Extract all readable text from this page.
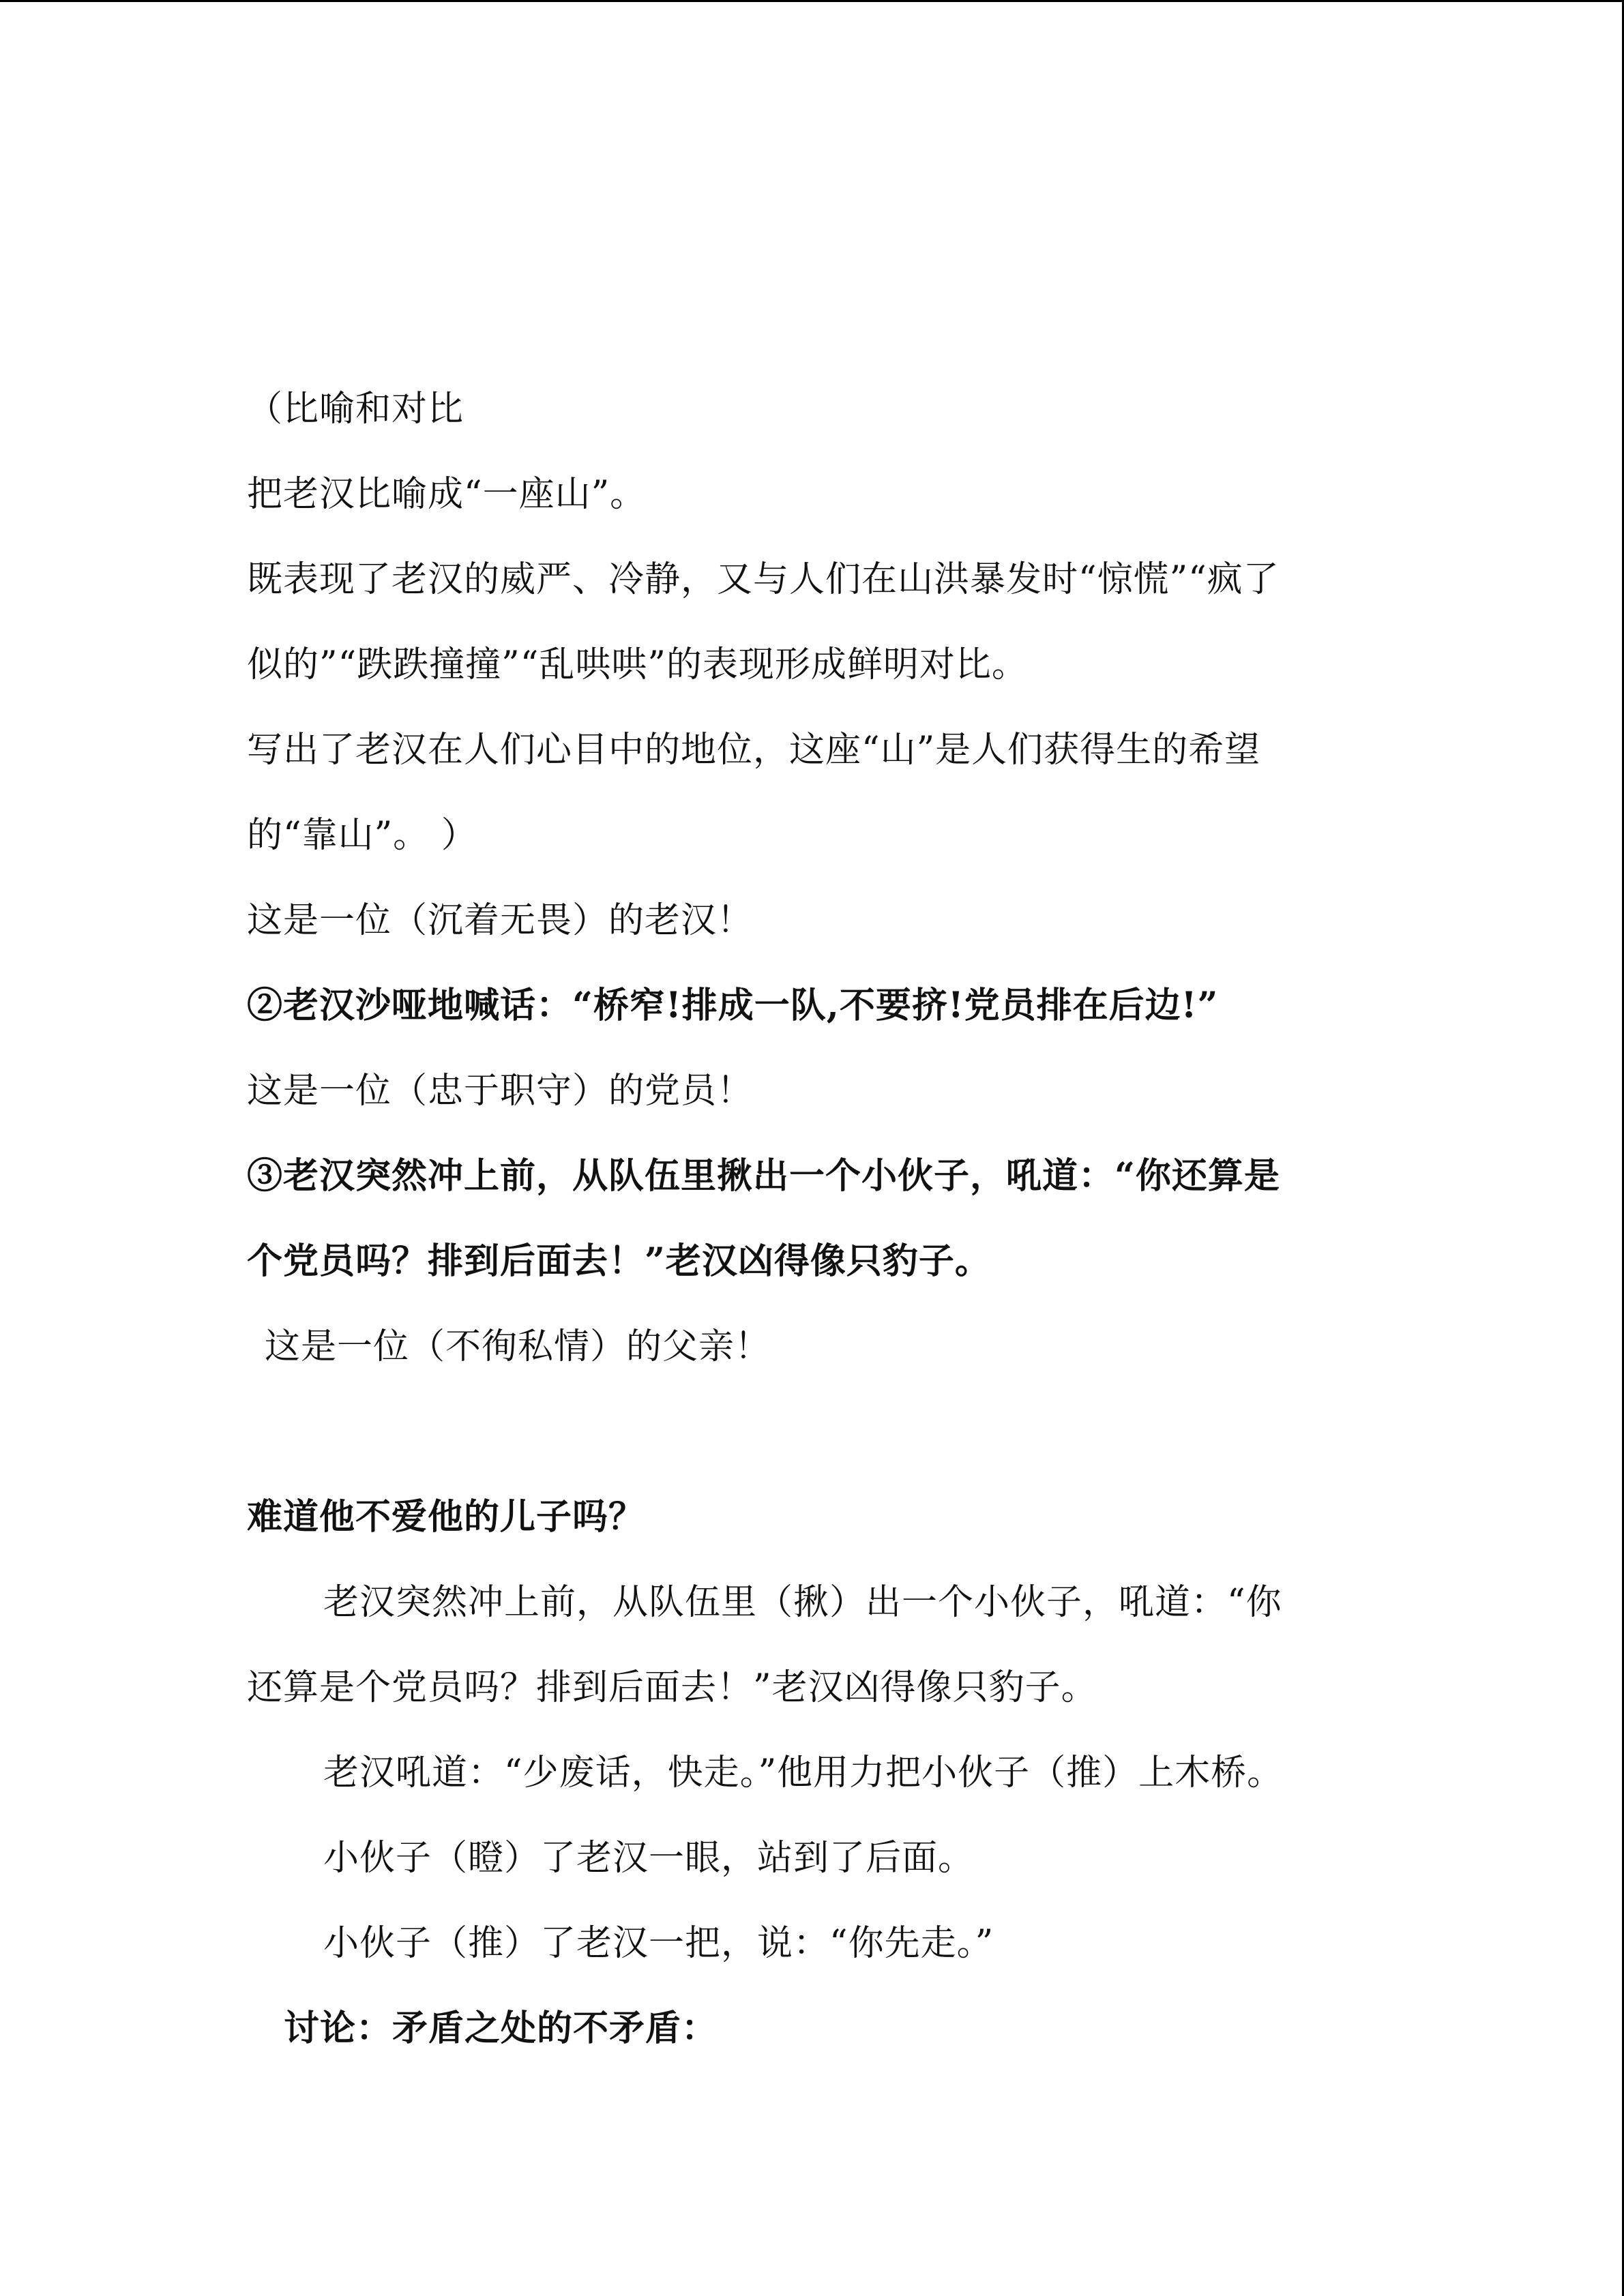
（比喻和对比
把老汉比喻成“一座山”。
既表现了老汉的威严、冷静，又与人们在山洪暴发时“惊慌”“疯了
似的”“跌跌撞撞”“乱哄哄”的表现形成鲜明对比。
写出了老汉在人们心目中的地位，这座“山”是人们获得生的希望
的“靠山”。 ）
这是一位（沉着无畏）的老汉！
②老汉沙哑地喊话：“桥窄!排成一队,不要挤!党员排在后边!”
这是一位（忠于职守）的党员！
③老汉突然冲上前，从队伍里揪出一个小伙子，吼道：“你还算是
个党员吗？排到后面去！”老汉凶得像只豹子。
这是一位（不徇私情）的父亲！
难道他不爱他的儿子吗？
老汉突然冲上前，从队伍里（揪）出一个小伙子，吼道：“你
还算是个党员吗？排到后面去！”老汉凶得像只豹子。
老汉吼道：“少废话，快走。”他用力把小伙子（推）上木桥。
小伙子（瞪）了老汉一眼，站到了后面。
小伙子（推）了老汉一把，说：“你先走。”
讨论：矛盾之处的不矛盾：
